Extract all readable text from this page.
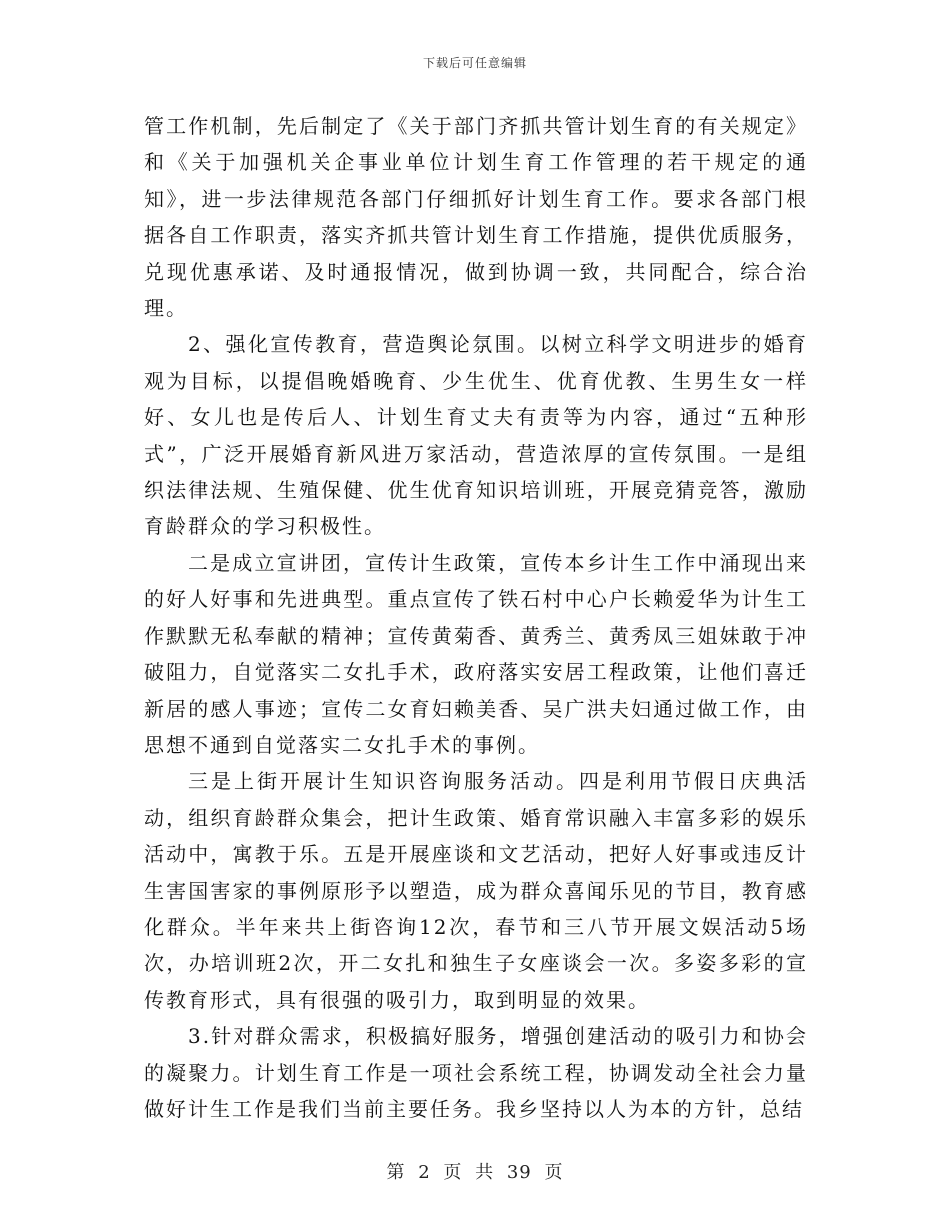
下载后可任意编辑

管工作机制，先后制定了《关于部门齐抓共管计划生育的有关规定》和《关于加强机关企事业单位计划生育工作管理的若干规定的通知》，进一步法律规范各部门仔细抓好计划生育工作。要求各部门根据各自工作职责，落实齐抓共管计划生育工作措施，提供优质服务，兑现优惠承诺、及时通报情况，做到协调一致，共同配合，综合治理。

2、强化宣传教育，营造舆论氛围。以树立科学文明进步的婚育观为目标，以提倡晚婚晚育、少生优生、优育优教、生男生女一样好、女儿也是传后人、计划生育丈夫有责等为内容，通过“五种形式”，广泛开展婚育新风进万家活动，营造浓厚的宣传氛围。一是组织法律法规、生殖保健、优生优育知识培训班，开展竞猜竞答，激励育龄群众的学习积极性。

二是成立宣讲团，宣传计生政策，宣传本乡计生工作中涌现出来的好人好事和先进典型。重点宣传了铁石村中心户长赖爱华为计生工作默默无私奉献的精神；宣传黄菊香、黄秀兰、黄秀凤三姐妹敢于冲破阻力，自觉落实二女扎手术，政府落实安居工程政策，让他们喜迁新居的感人事迹；宣传二女育妇赖美香、吴广洪夫妇通过做工作，由思想不通到自觉落实二女扎手术的事例。

三是上街开展计生知识咨询服务活动。四是利用节假日庆典活动，组织育龄群众集会，把计生政策、婚育常识融入丰富多彩的娱乐活动中，寓教于乐。五是开展座谈和文艺活动，把好人好事或违反计生害国害家的事例原形予以塑造，成为群众喜闻乐见的节目，教育感化群众。半年来共上街咨询12次，春节和三八节开展文娱活动5场次，办培训班2次，开二女扎和独生子女座谈会一次。多姿多彩的宣传教育形式，具有很强的吸引力，取到明显的效果。

3.针对群众需求，积极搞好服务，增强创建活动的吸引力和协会的凝聚力。计划生育工作是一项社会系统工程，协调发动全社会力量做好计生工作是我们当前主要任务。我乡坚持以人为本的方针，总结

第 2 页 共 39 页
